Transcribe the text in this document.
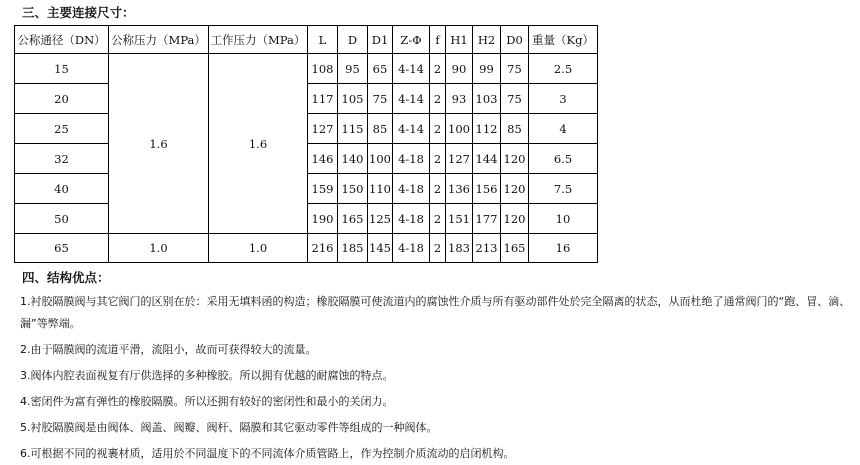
三、主要连接尺寸：
公称通径（DN）	公称压力（MPa）	工作压力（MPa）	L	D	D1	Z-Φ	f	H1	H2	D0	重量（Kg）
15	1.6	1.6	108	95	65	4-14	2	90	99	75	2.5
20			117	105	75	4-14	2	93	103	75	3
25			127	115	85	4-14	2	100	112	85	4
32			146	140	100	4-18	2	127	144	120	6.5
40			159	150	110	4-18	2	136	156	120	7.5
50			190	165	125	4-18	2	151	177	120	10
65	1.0	1.0	216	185	145	4-18	2	183	213	165	16
四、结构优点：
1.衬胶隔膜阀与其它阀门的区别在於：采用无填料函的构造；橡胶隔膜可使流道内的腐蚀性介质与所有驱动部件处於完全隔离的状态，从而杜绝了通常阀门的“跑、冒、滴、漏”等弊端。
2.由于隔膜阀的流道平滑，流阻小，故而可获得较大的流量。
3.阀体内腔表面视复有厅供选择的多种橡胶。所以拥有优越的耐腐蚀的特点。
4.密闭件为富有弹性的橡胶隔膜。所以还拥有较好的密闭性和最小的关闭力。
5.衬胶隔膜阀是由阀体、阀盖、阀瓣、阀杆、隔膜和其它驱动零件等组成的一种阀体。
6.可根据不同的视裹材质，适用於不同温度下的不同流体介质管路上，作为控制介质流动的启闭机构。
